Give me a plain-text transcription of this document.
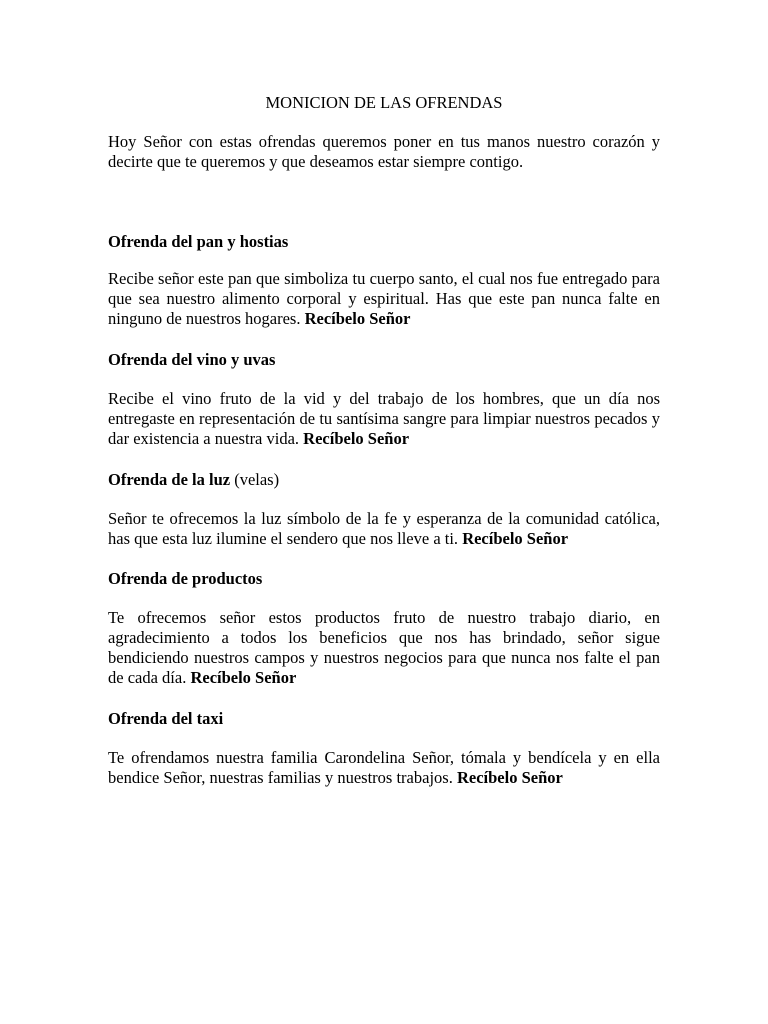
MONICION DE LAS OFRENDAS

Hoy Señor con estas ofrendas queremos poner en tus manos nuestro corazón y decirte que te queremos y que deseamos estar siempre contigo.

Ofrenda del pan y hostias

Recibe señor este pan que simboliza tu cuerpo santo, el cual nos fue entregado para que sea nuestro alimento corporal y espiritual. Has que este pan nunca falte en ninguno de nuestros hogares. Recíbelo Señor

Ofrenda del vino y uvas

Recibe el vino fruto de la vid y del trabajo de los hombres, que un día nos entregaste en representación de tu santísima sangre para limpiar nuestros pecados y dar existencia a nuestra vida. Recíbelo Señor

Ofrenda de la luz (velas)

Señor te ofrecemos la luz símbolo de la fe y esperanza de la comunidad católica, has que esta luz ilumine el sendero que nos lleve a ti. Recíbelo Señor

Ofrenda de productos

Te ofrecemos señor estos productos fruto de nuestro trabajo diario, en agradecimiento a todos los beneficios que nos has brindado, señor sigue bendiciendo nuestros campos y nuestros negocios para que nunca nos falte el pan de cada día. Recíbelo Señor

Ofrenda del taxi

Te ofrendamos nuestra familia Carondelina Señor, tómala y bendícela y en ella bendice Señor, nuestras familias y nuestros trabajos. Recíbelo Señor
